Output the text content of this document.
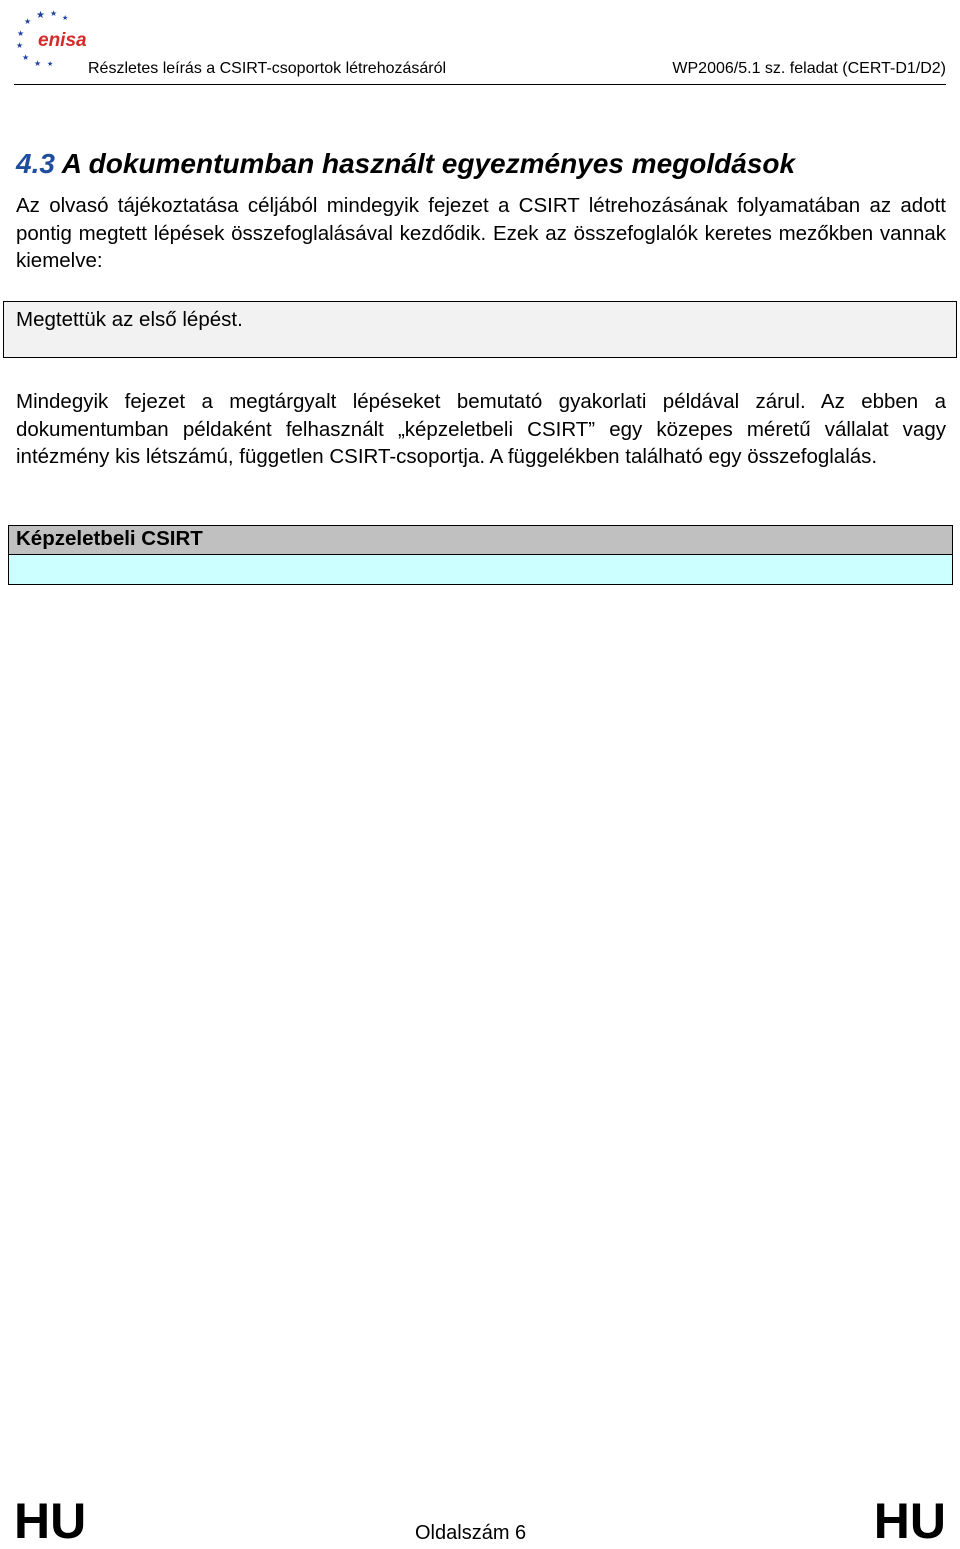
★
★
★
★
★
★
★ ★
★
enisa
Részletes leírás a CSIRT-csoportok létrehozásáról	WP2006/5.1 sz. feladat (CERT-D1/D2)
4.3 A dokumentumban használt egyezményes megoldások

Az olvasó tájékoztatása céljából mindegyik fejezet a CSIRT létrehozásának folyamatában az adott pontig megtett lépések összefoglalásával kezdődik. Ezek az összefoglalók keretes mezőkben vannak kiemelve:

Megtettük az első lépést.

Mindegyik fejezet a megtárgyalt lépéseket bemutató gyakorlati példával zárul. Az ebben a dokumentumban példaként felhasznált „képzeletbeli CSIRT” egy közepes méretű vállalat vagy intézmény kis létszámú, független CSIRT-csoportja. A függelékben található egy összefoglalás.

Képzeletbeli CSIRT
HU	Oldalszám 6	HU
